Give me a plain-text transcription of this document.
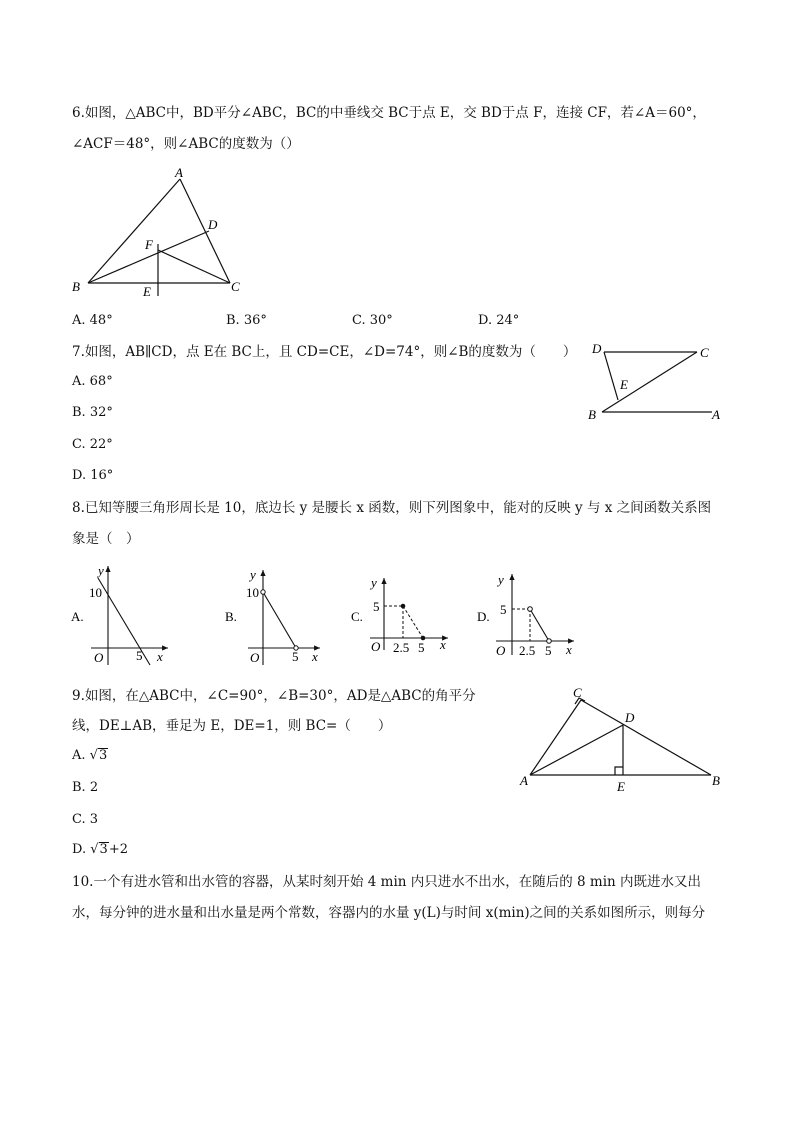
6.如图，△ABC中，BD平分∠ABC，BC的中垂线交 BC于点 E，交 BD于点 F，连接 CF，若∠A＝60°，
∠ACF＝48°，则∠ABC的度数为（）
A
D
F
B	E	C
A. 48°	B. 36°	C. 30°	D. 24°
7.如图，AB∥CD，点 E在 BC上，且 CD=CE，∠D=74°，则∠B的度数为（　　） D	C
E
B	A
A. 68°
B. 32°
C. 22°
D. 16°
8.已知等腰三角形周长是 10，底边长 y 是腰长 x 函数，则下列图象中，能对的反映 y 与 x 之间函数关系图
象是（　）
A.
y
10
O	5 x
B.
y
10
O	5 x
C.
y
5
O 2.5 5 x
D.
y
5
O 2.5 5 x
9.如图，在△ABC中，∠C=90°，∠B=30°，AD是△ABC的角平分
线，DE⊥AB，垂足为 E，DE=1，则 BC=（　　）
C
D
A	E	B
A. √3
B. 2
C. 3
D. √3+2
10.一个有进水管和出水管的容器，从某时刻开始 4 min 内只进水不出水，在随后的 8 min 内既进水又出
水，每分钟的进水量和出水量是两个常数，容器内的水量 y(L)与时间 x(min)之间的关系如图所示，则每分
